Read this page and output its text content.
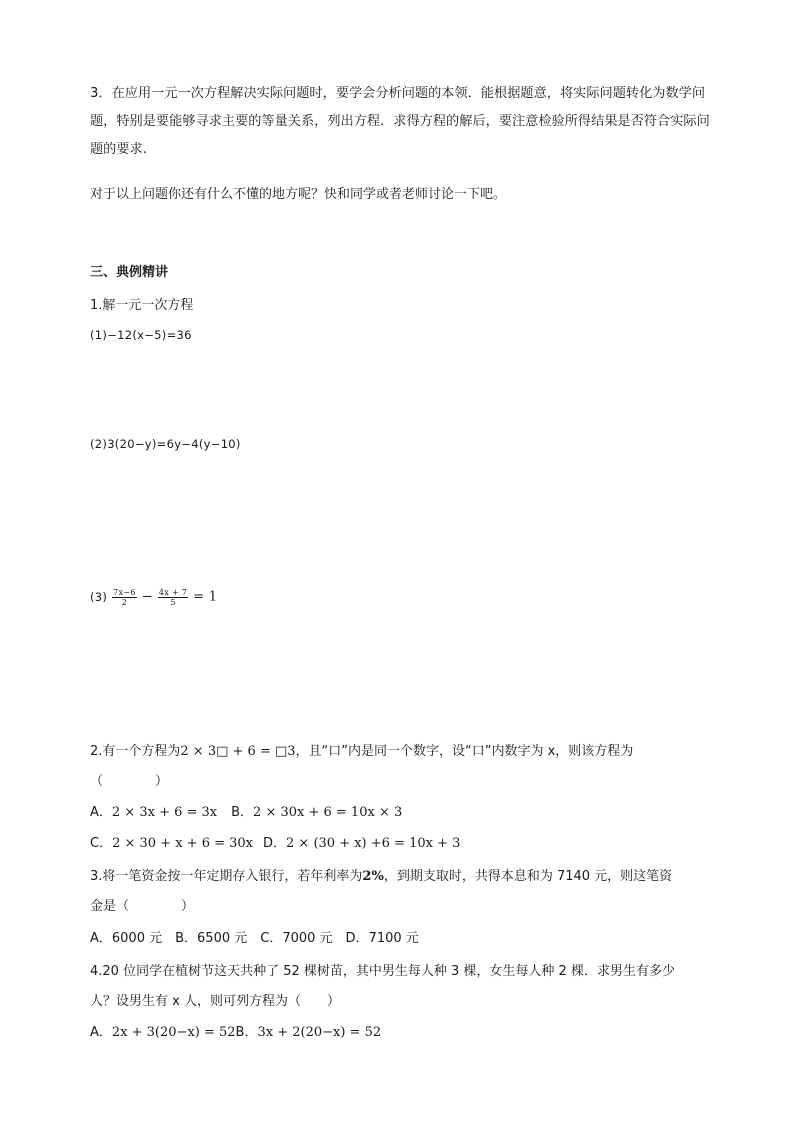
3．在应用一元一次方程解决实际问题时，要学会分析问题的本领．能根据题意，将实际问题转化为数学问题，特别是要能够寻求主要的等量关系，列出方程．求得方程的解后，要注意检验所得结果是否符合实际问题的要求.

对于以上问题你还有什么不懂的地方呢？快和同学或者老师讨论一下吧。

三、典例精讲

1.解一元一次方程

(1)−12(x−5)=36

(2)3(20−y)=6y−4(y−10)

$(3) \frac{7x-6}{2} - \frac{4x + 7}{5} = 1$

2.有一个方程为2 × 3□ + 6 = □3，且“口”内是同一个数字，设“口”内数字为 x，则该方程为

（　　　　）

A．2 × 3x + 6 = 3x B．2 × 30x + 6 = 10x × 3

C．2 × 30 + x + 6 = 30x D．2 × (30 + x) +6 = 10x + 3

3.将一笔资金按一年定期存入银行，若年利率为2%，到期支取时，共得本息和为 7140 元，则这笔资

金是（　　　　）

A．6000 元　B．6500 元　C．7000 元　D．7100 元

4.20 位同学在植树节这天共种了 52 棵树苗，其中男生每人种 3 棵，女生每人种 2 棵．求男生有多少

人？设男生有 x 人，则可列方程为（　　）

A．2x + 3(20−x) = 52B．3x + 2(20−x) = 52
